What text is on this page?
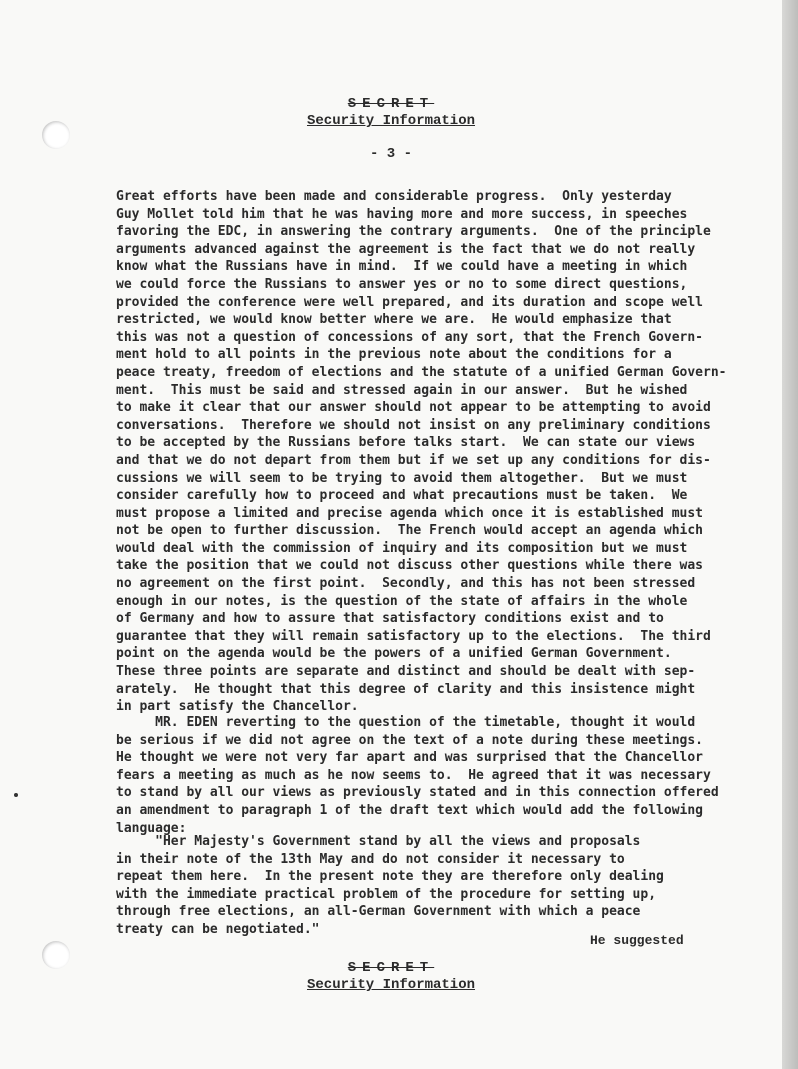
SECRET
Security Information
- 3 -
Great efforts have been made and considerable progress.  Only yesterday
Guy Mollet told him that he was having more and more success, in speeches
favoring the EDC, in answering the contrary arguments.  One of the principle
arguments advanced against the agreement is the fact that we do not really
know what the Russians have in mind.  If we could have a meeting in which
we could force the Russians to answer yes or no to some direct questions,
provided the conference were well prepared, and its duration and scope well
restricted, we would know better where we are.  He would emphasize that
this was not a question of concessions of any sort, that the French Govern-
ment hold to all points in the previous note about the conditions for a
peace treaty, freedom of elections and the statute of a unified German Govern-
ment.  This must be said and stressed again in our answer.  But he wished
to make it clear that our answer should not appear to be attempting to avoid
conversations.  Therefore we should not insist on any preliminary conditions
to be accepted by the Russians before talks start.  We can state our views
and that we do not depart from them but if we set up any conditions for dis-
cussions we will seem to be trying to avoid them altogether.  But we must
consider carefully how to proceed and what precautions must be taken.  We
must propose a limited and precise agenda which once it is established must
not be open to further discussion.  The French would accept an agenda which
would deal with the commission of inquiry and its composition but we must
take the position that we could not discuss other questions while there was
no agreement on the first point.  Secondly, and this has not been stressed
enough in our notes, is the question of the state of affairs in the whole
of Germany and how to assure that satisfactory conditions exist and to
guarantee that they will remain satisfactory up to the elections.  The third
point on the agenda would be the powers of a unified German Government.
These three points are separate and distinct and should be dealt with sep-
arately.  He thought that this degree of clarity and this insistence might
in part satisfy the Chancellor.
MR. EDEN reverting to the question of the timetable, thought it would
be serious if we did not agree on the text of a note during these meetings.
He thought we were not very far apart and was surprised that the Chancellor
fears a meeting as much as he now seems to.  He agreed that it was necessary
to stand by all our views as previously stated and in this connection offered
an amendment to paragraph 1 of the draft text which would add the following
language:
"Her Majesty's Government stand by all the views and proposals
in their note of the 13th May and do not consider it necessary to
repeat them here.  In the present note they are therefore only dealing
with the immediate practical problem of the procedure for setting up,
through free elections, an all-German Government with which a peace
treaty can be negotiated."
He suggested
SECRET
Security Information
